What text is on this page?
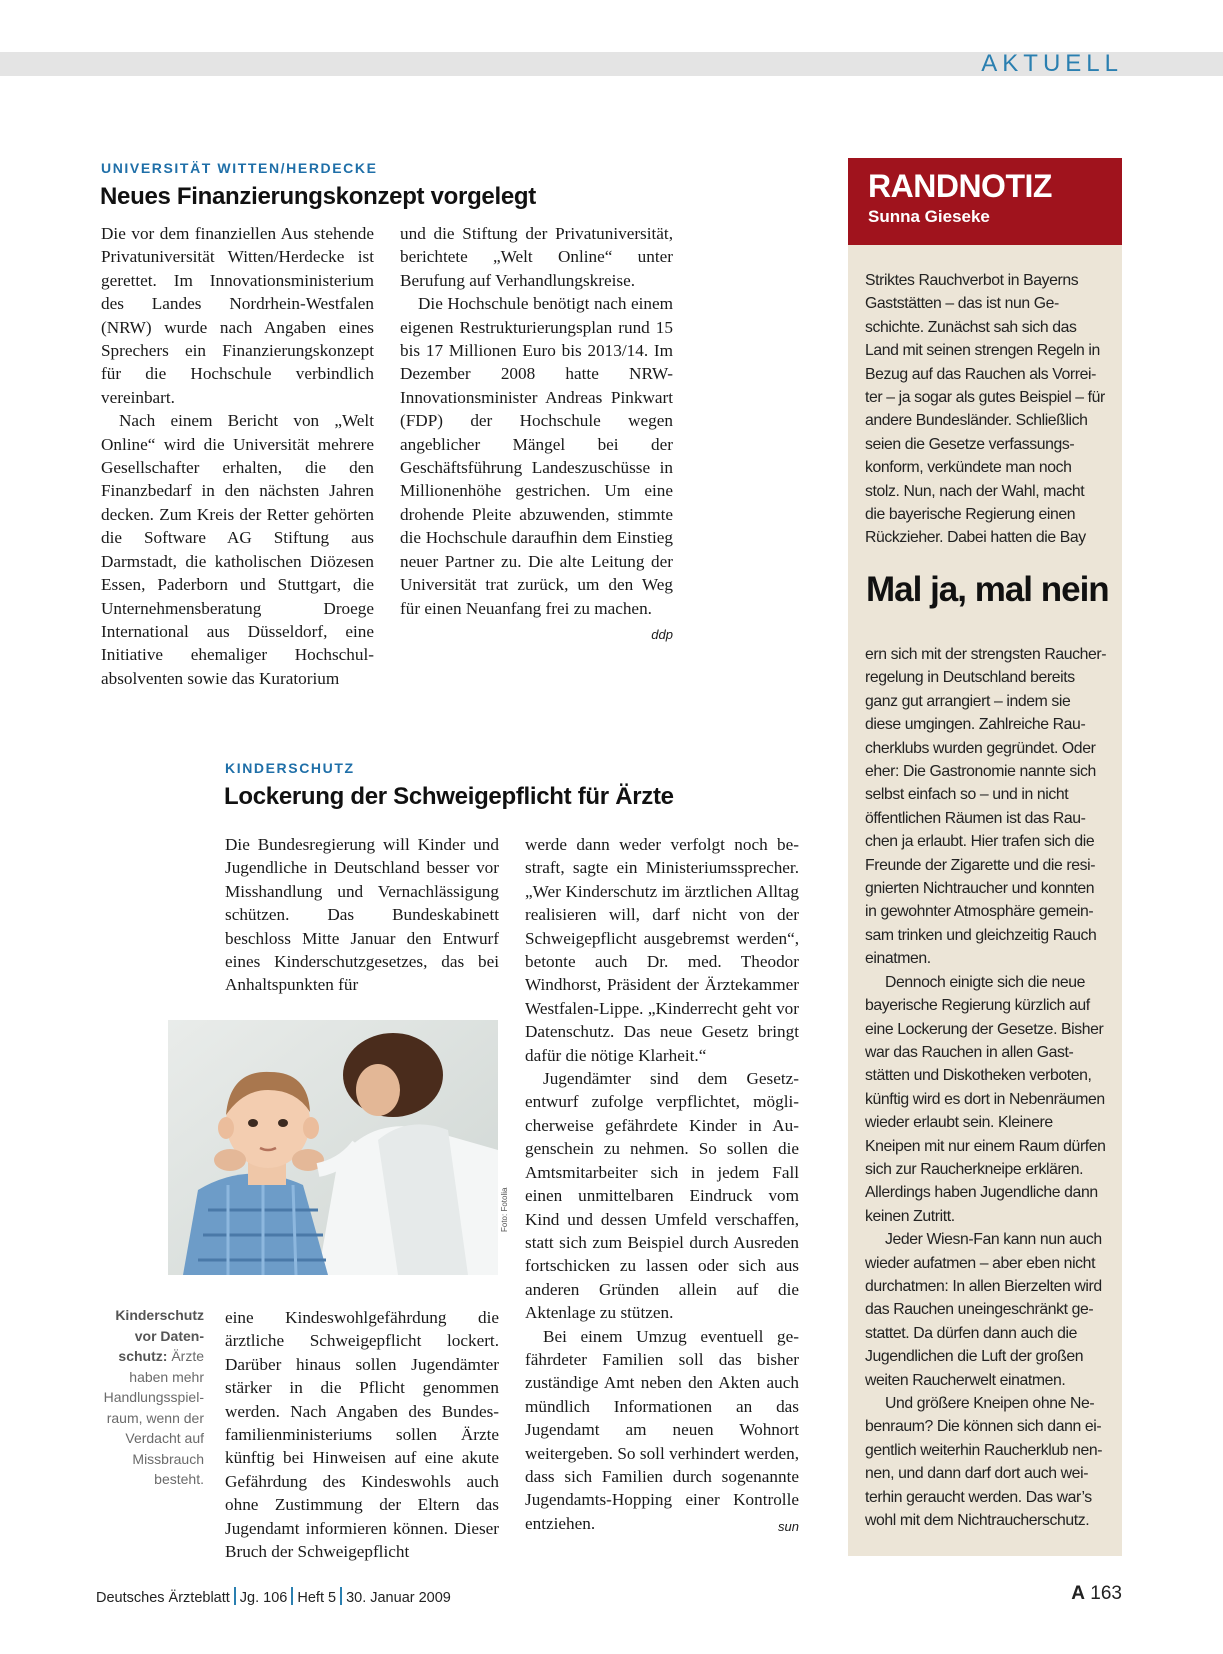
AKTUELL
UNIVERSITÄT WITTEN/HERDECKE
Neues Finanzierungskonzept vorgelegt

Die vor dem finanziellen Aus stehende Privatuniversität Witten/Herdecke ist gerettet. Im Innovationsministerium des Landes Nordrhein-Westfalen (NRW) wurde nach Angaben eines Sprechers ein Finanzierungskonzept für die Hochschule verbindlich vereinbart.

Nach einem Bericht von „Welt Online“ wird die Universität mehrere Gesellschafter erhalten, die den Finanzbedarf in den nächsten Jahren decken. Zum Kreis der Retter gehörten die Software AG Stiftung aus Darmstadt, die katholischen Diözesen Essen, Paderborn und Stuttgart, die Unternehmensberatung Droege International aus Düsseldorf, eine Initiative ehemaliger Hochschulabsolventen sowie das Kuratorium

und die Stiftung der Privatuniversität, berichtete „Welt Online“ unter Berufung auf Verhandlungskreise.

Die Hochschule benötigt nach einem eigenen Restrukturierungsplan rund 15 bis 17 Millionen Euro bis 2013/14. Im Dezember 2008 hatte NRW-Innovationsminister Andreas Pinkwart (FDP) der Hochschule wegen angeblicher Mängel bei der Geschäftsführung Landeszuschüsse in Millionenhöhe gestrichen. Um eine drohende Pleite abzuwenden, stimmte die Hochschule daraufhin dem Einstieg neuer Partner zu. Die alte Leitung der Universität trat zurück, um den Weg für einen Neuanfang frei zu machen.
ddp

KINDERSCHUTZ
Lockerung der Schweigepflicht für Ärzte

Die Bundesregierung will Kinder und Jugendliche in Deutschland besser vor Misshandlung und Vernachlässigung schützen. Das Bundeskabinett beschloss Mitte Januar den Entwurf eines Kinderschutzgesetzes, das bei Anhaltspunkten für

Foto: Fotolia
Kinderschutz vor Datenschutz: Ärzte haben mehr Handlungsspielraum, wenn der Verdacht auf Missbrauch besteht.

eine Kindeswohlgefährdung die ärztliche Schweigepflicht lockert. Darüber hinaus sollen Jugendämter stärker in die Pflicht genommen werden. Nach Angaben des Bundesfamilienministeriums sollen Ärzte künftig bei Hinweisen auf eine akute Gefährdung des Kindeswohls auch ohne Zustimmung der Eltern das Jugendamt informieren können. Dieser Bruch der Schweigepflicht

werde dann weder verfolgt noch bestraft, sagte ein Ministeriumssprecher. „Wer Kinderschutz im ärztlichen Alltag realisieren will, darf nicht von der Schweigepflicht ausgebremst werden“, betonte auch Dr. med. Theodor Windhorst, Präsident der Ärztekammer Westfalen-Lippe. „Kinderrecht geht vor Datenschutz. Das neue Gesetz bringt dafür die nötige Klarheit.“

Jugendämter sind dem Gesetzentwurf zufolge verpflichtet, möglicherweise gefährdete Kinder in Augenschein zu nehmen. So sollen die Amtsmitarbeiter sich in jedem Fall einen unmittelbaren Eindruck vom Kind und dessen Umfeld verschaffen, statt sich zum Beispiel durch Ausreden fortschicken zu lassen oder sich aus anderen Gründen allein auf die Aktenlage zu stützen.

Bei einem Umzug eventuell gefährdeter Familien soll das bisher zuständige Amt neben den Akten auch mündlich Informationen an das Jugendamt am neuen Wohnort weitergeben. So soll verhindert werden, dass sich Familien durch sogenannte Jugendamts-Hopping einer Kontrolle entziehen.	sun

RANDNOTIZ
Sunna Gieseke

Striktes Rauchverbot in Bayerns Gaststätten – das ist nun Geschichte. Zunächst sah sich das Land mit seinen strengen Regeln in Bezug auf das Rauchen als Vorreiter – ja sogar als gutes Beispiel – für andere Bundesländer. Schließlich seien die Gesetze verfassungskonform, verkündete man noch stolz. Nun, nach der Wahl, macht die bayerische Regierung einen Rückzieher. Dabei hatten die Bay

Mal ja, mal nein

ern sich mit der strengsten Raucherregelung in Deutschland bereits ganz gut arrangiert – indem sie diese umgingen. Zahlreiche Raucherklubs wurden gegründet. Oder eher: Die Gastronomie nannte sich selbst einfach so – und in nicht öffentlichen Räumen ist das Rauchen ja erlaubt. Hier trafen sich die Freunde der Zigarette und die resignierten Nichtraucher und konnten in gewohnter Atmosphäre gemeinsam trinken und gleichzeitig Rauch einatmen.

Dennoch einigte sich die neue bayerische Regierung kürzlich auf eine Lockerung der Gesetze. Bisher war das Rauchen in allen Gaststätten und Diskotheken verboten, künftig wird es dort in Nebenräumen wieder erlaubt sein. Kleinere Kneipen mit nur einem Raum dürfen sich zur Raucherkneipe erklären. Allerdings haben Jugendliche dann keinen Zutritt.

Jeder Wiesn-Fan kann nun auch wieder aufatmen – aber eben nicht durchatmen: In allen Bierzelten wird das Rauchen uneingeschränkt gestattet. Da dürfen dann auch die Jugendlichen die Luft der großen weiten Raucherwelt einatmen.

Und größere Kneipen ohne Nebenraum? Die können sich dann eigentlich weiterhin Raucherklub nennen, und dann darf dort auch weiterhin geraucht werden. Das war’s wohl mit dem Nichtraucherschutz.

Deutsches Ärzteblatt Jg. 106 Heft 5 30. Januar 2009	A 163
